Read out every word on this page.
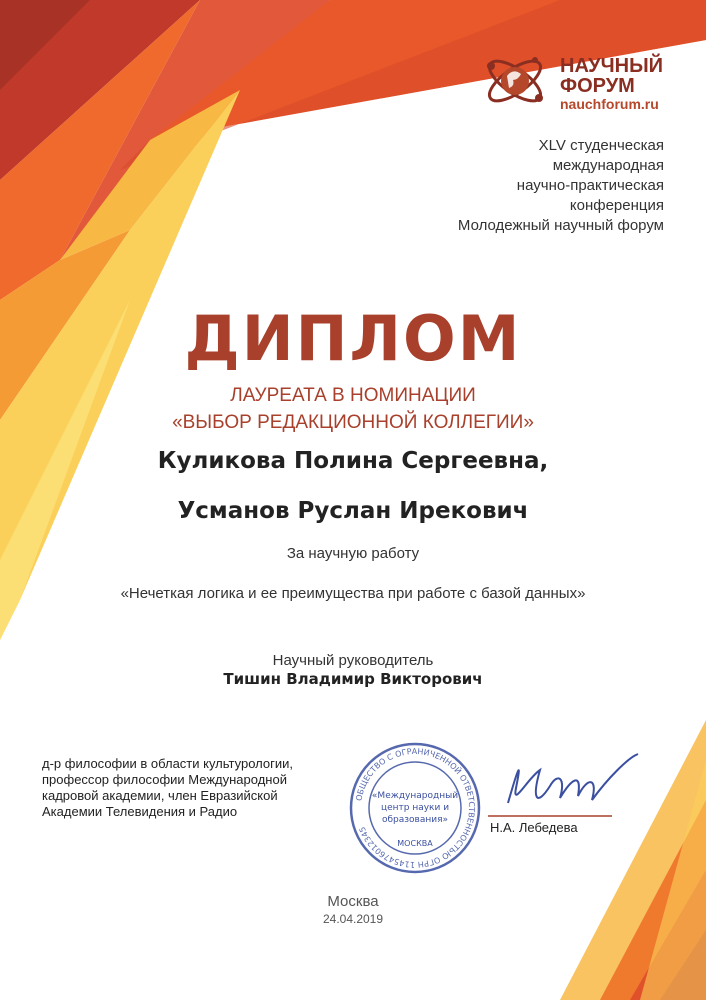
НАУЧНЫЙ
ФОРУМ
nauchforum.ru
XLV студенческая
международная
научно-практическая
конференция
Молодежный научный форум
ДИПЛОМ
ЛАУРЕАТА В НОМИНАЦИИ
«ВЫБОР РЕДАКЦИОННОЙ КОЛЛЕГИИ»
Куликова Полина Сергеевна,
Усманов Руслан Ирекович
За научную работу
«Нечеткая логика и ее преимущества при работе с базой данных»
Научный руководитель
Тишин Владимир Викторович
д-р философии в области культурологии,
профессор философии Международной
кадровой академии, член Евразийской
Академии Телевидения и Радио
ОБЩЕСТВО С ОГРАНИЧЕННОЙ ОТВЕТСТВЕННОСТЬЮ ОГРН 1145476012345
«Международный
центр науки и
образования»
МОСКВА
Н.А. Лебедева
Москва
24.04.2019
